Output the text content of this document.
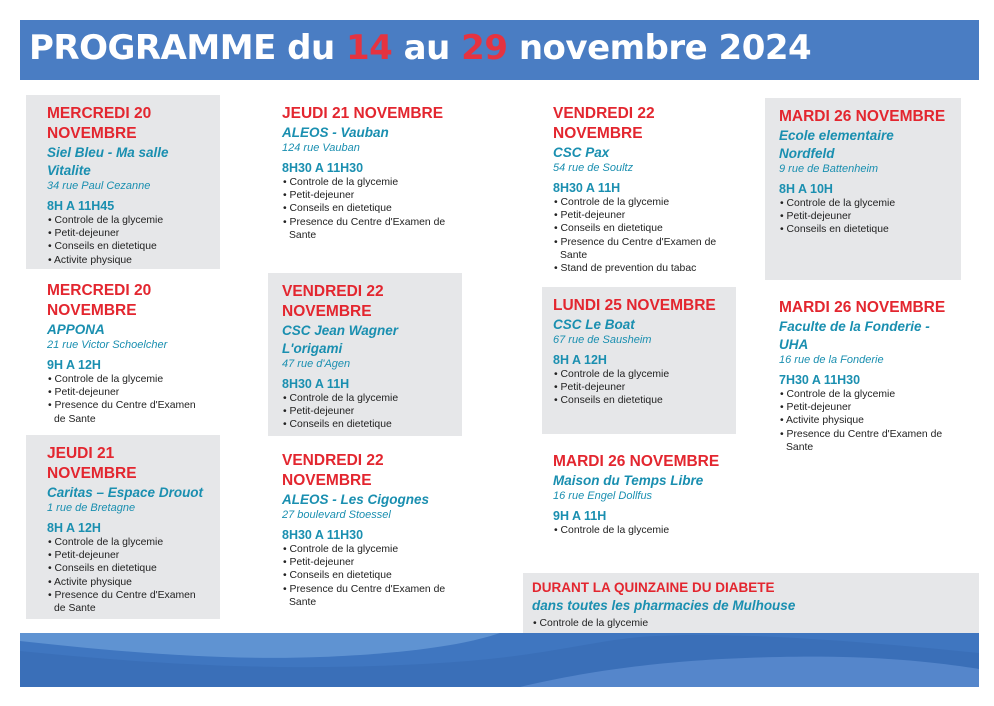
PROGRAMME du 14 au 29 novembre 2024
MERCREDI 20 NOVEMBRE
Siel Bleu - Ma salle Vitalite
34 rue Paul Cezanne
8H A 11H45
• Controle de la glycemie
• Petit-dejeuner
• Conseils en dietetique
• Activite physique
MERCREDI 20 NOVEMBRE
APPONA
21 rue Victor Schoelcher
9H A 12H
• Controle de la glycemie
• Petit-dejeuner
• Presence du Centre d'Examen de Sante
JEUDI 21 NOVEMBRE
Caritas – Espace Drouot
1 rue de Bretagne
8H A 12H
• Controle de la glycemie
• Petit-dejeuner
• Conseils en dietetique
• Activite physique
• Presence du Centre d'Examen de Sante
JEUDI 21 NOVEMBRE
ALEOS - Vauban
124 rue Vauban
8H30 A 11H30
• Controle de la glycemie
• Petit-dejeuner
• Conseils en dietetique
• Presence du Centre d'Examen de Sante
VENDREDI 22 NOVEMBRE
CSC Jean Wagner L'origami
47 rue d'Agen
8H30 A 11H
• Controle de la glycemie
• Petit-dejeuner
• Conseils en dietetique
VENDREDI 22 NOVEMBRE
ALEOS - Les Cigognes
27 boulevard Stoessel
8H30 A 11H30
• Controle de la glycemie
• Petit-dejeuner
• Conseils en dietetique
• Presence du Centre d'Examen de Sante
VENDREDI 22 NOVEMBRE
CSC Pax
54 rue de Soultz
8H30 A 11H
• Controle de la glycemie
• Petit-dejeuner
• Conseils en dietetique
• Presence du Centre d'Examen de Sante
• Stand de prevention du tabac
LUNDI 25 NOVEMBRE
CSC Le Boat
67 rue de Sausheim
8H A 12H
• Controle de la glycemie
• Petit-dejeuner
• Conseils en dietetique
MARDI 26 NOVEMBRE
Maison du Temps Libre
16 rue Engel Dollfus
9H A 11H
• Controle de la glycemie
MARDI 26 NOVEMBRE
Ecole elementaire Nordfeld
9 rue de Battenheim
8H A 10H
• Controle de la glycemie
• Petit-dejeuner
• Conseils en dietetique
MARDI 26 NOVEMBRE
Faculte de la Fonderie - UHA
16 rue de la Fonderie
7H30 A 11H30
• Controle de la glycemie
• Petit-dejeuner
• Activite physique
• Presence du Centre d'Examen de Sante
DURANT LA QUINZAINE DU DIABETE
dans toutes les pharmacies de Mulhouse
• Controle de la glycemie
